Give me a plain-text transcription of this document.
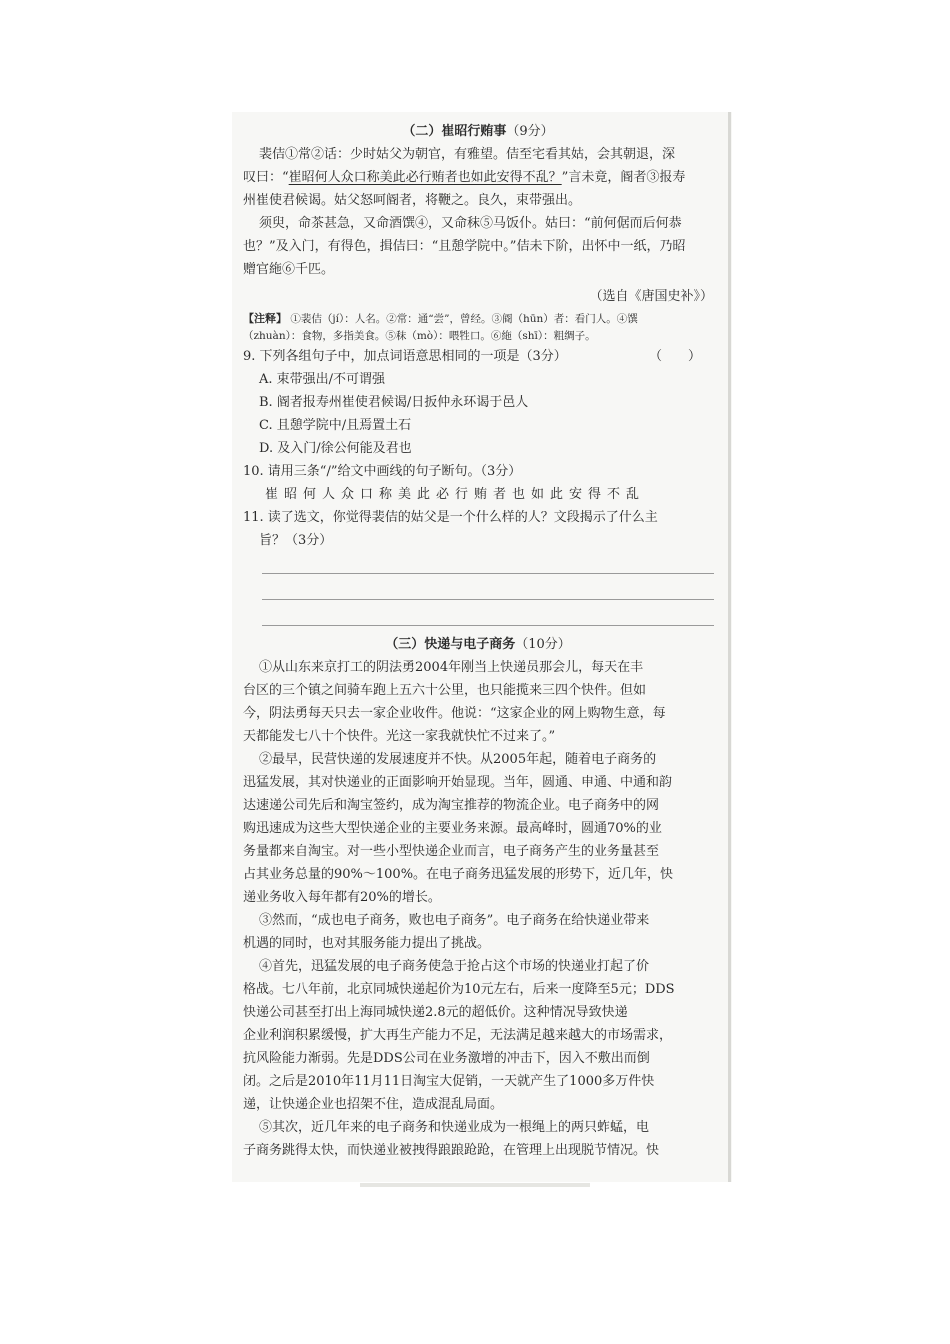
（二）崔昭行贿事（9分）
裴佶①常②话：少时姑父为朝官，有雅望。佶至宅看其姑，会其朝退，深
叹曰：“崔昭何人众口称美此必行贿者也如此安得不乱？”言未竟，阍者③报寿
州崔使君候谒。姑父怒呵阍者，将鞭之。良久，束带强出。
须臾，命茶甚急，又命酒馔④，又命秣⑤马饭仆。姑曰：“前何倨而后何恭
也？”及入门，有得色，揖佶曰：“且憩学院中。”佶未下阶，出怀中一纸，乃昭
赠官絁⑥千匹。
（选自《唐国史补》）
【注释】 ①裴佶（jí）：人名。②常：通“尝”，曾经。③阍（hūn）者：看门人。④馔
（zhuàn）：食物，多指美食。⑤秣（mò）：喂牲口。⑥絁（shī）：粗绸子。
9. 下列各组句子中，加点词语意思相同的一项是（3分）	（　　）
A. 束带强出/不可谓强
B. 阍者报寿州崔使君候谒/日扳仲永环谒于邑人
C. 且憩学院中/且焉置土石
D. 及入门/徐公何能及君也
10. 请用三条“/”给文中画线的句子断句。（3分）
崔昭何人众口称美此必行贿者也如此安得不乱
11. 读了选文，你觉得裴佶的姑父是一个什么样的人？文段揭示了什么主
旨？（3分）
（三）快递与电子商务（10分）
①从山东来京打工的阴法勇2004年刚当上快递员那会儿，每天在丰
台区的三个镇之间骑车跑上五六十公里，也只能揽来三四个快件。但如
今，阴法勇每天只去一家企业收件。他说：“这家企业的网上购物生意，每
天都能发七八十个快件。光这一家我就快忙不过来了。”
②最早，民营快递的发展速度并不快。从2005年起，随着电子商务的
迅猛发展，其对快递业的正面影响开始显现。当年，圆通、申通、中通和韵
达速递公司先后和淘宝签约，成为淘宝推荐的物流企业。电子商务中的网
购迅速成为这些大型快递企业的主要业务来源。最高峰时，圆通70%的业
务量都来自淘宝。对一些小型快递企业而言，电子商务产生的业务量甚至
占其业务总量的90%～100%。在电子商务迅猛发展的形势下，近几年，快
递业务收入每年都有20%的增长。
③然而，“成也电子商务，败也电子商务”。电子商务在给快递业带来
机遇的同时，也对其服务能力提出了挑战。
④首先，迅猛发展的电子商务使急于抢占这个市场的快递业打起了价
格战。七八年前，北京同城快递起价为10元左右，后来一度降至5元；DDS
快递公司甚至打出上海同城快递2.8元的超低价。这种情况导致快递
企业利润积累缓慢，扩大再生产能力不足，无法满足越来越大的市场需求，
抗风险能力渐弱。先是DDS公司在业务激增的冲击下，因入不敷出而倒
闭。之后是2010年11月11日淘宝大促销，一天就产生了1000多万件快
递，让快递企业也招架不住，造成混乱局面。
⑤其次，近几年来的电子商务和快递业成为一根绳上的两只蚱蜢，电
子商务跳得太快，而快递业被拽得踉踉跄跄，在管理上出现脱节情况。快
